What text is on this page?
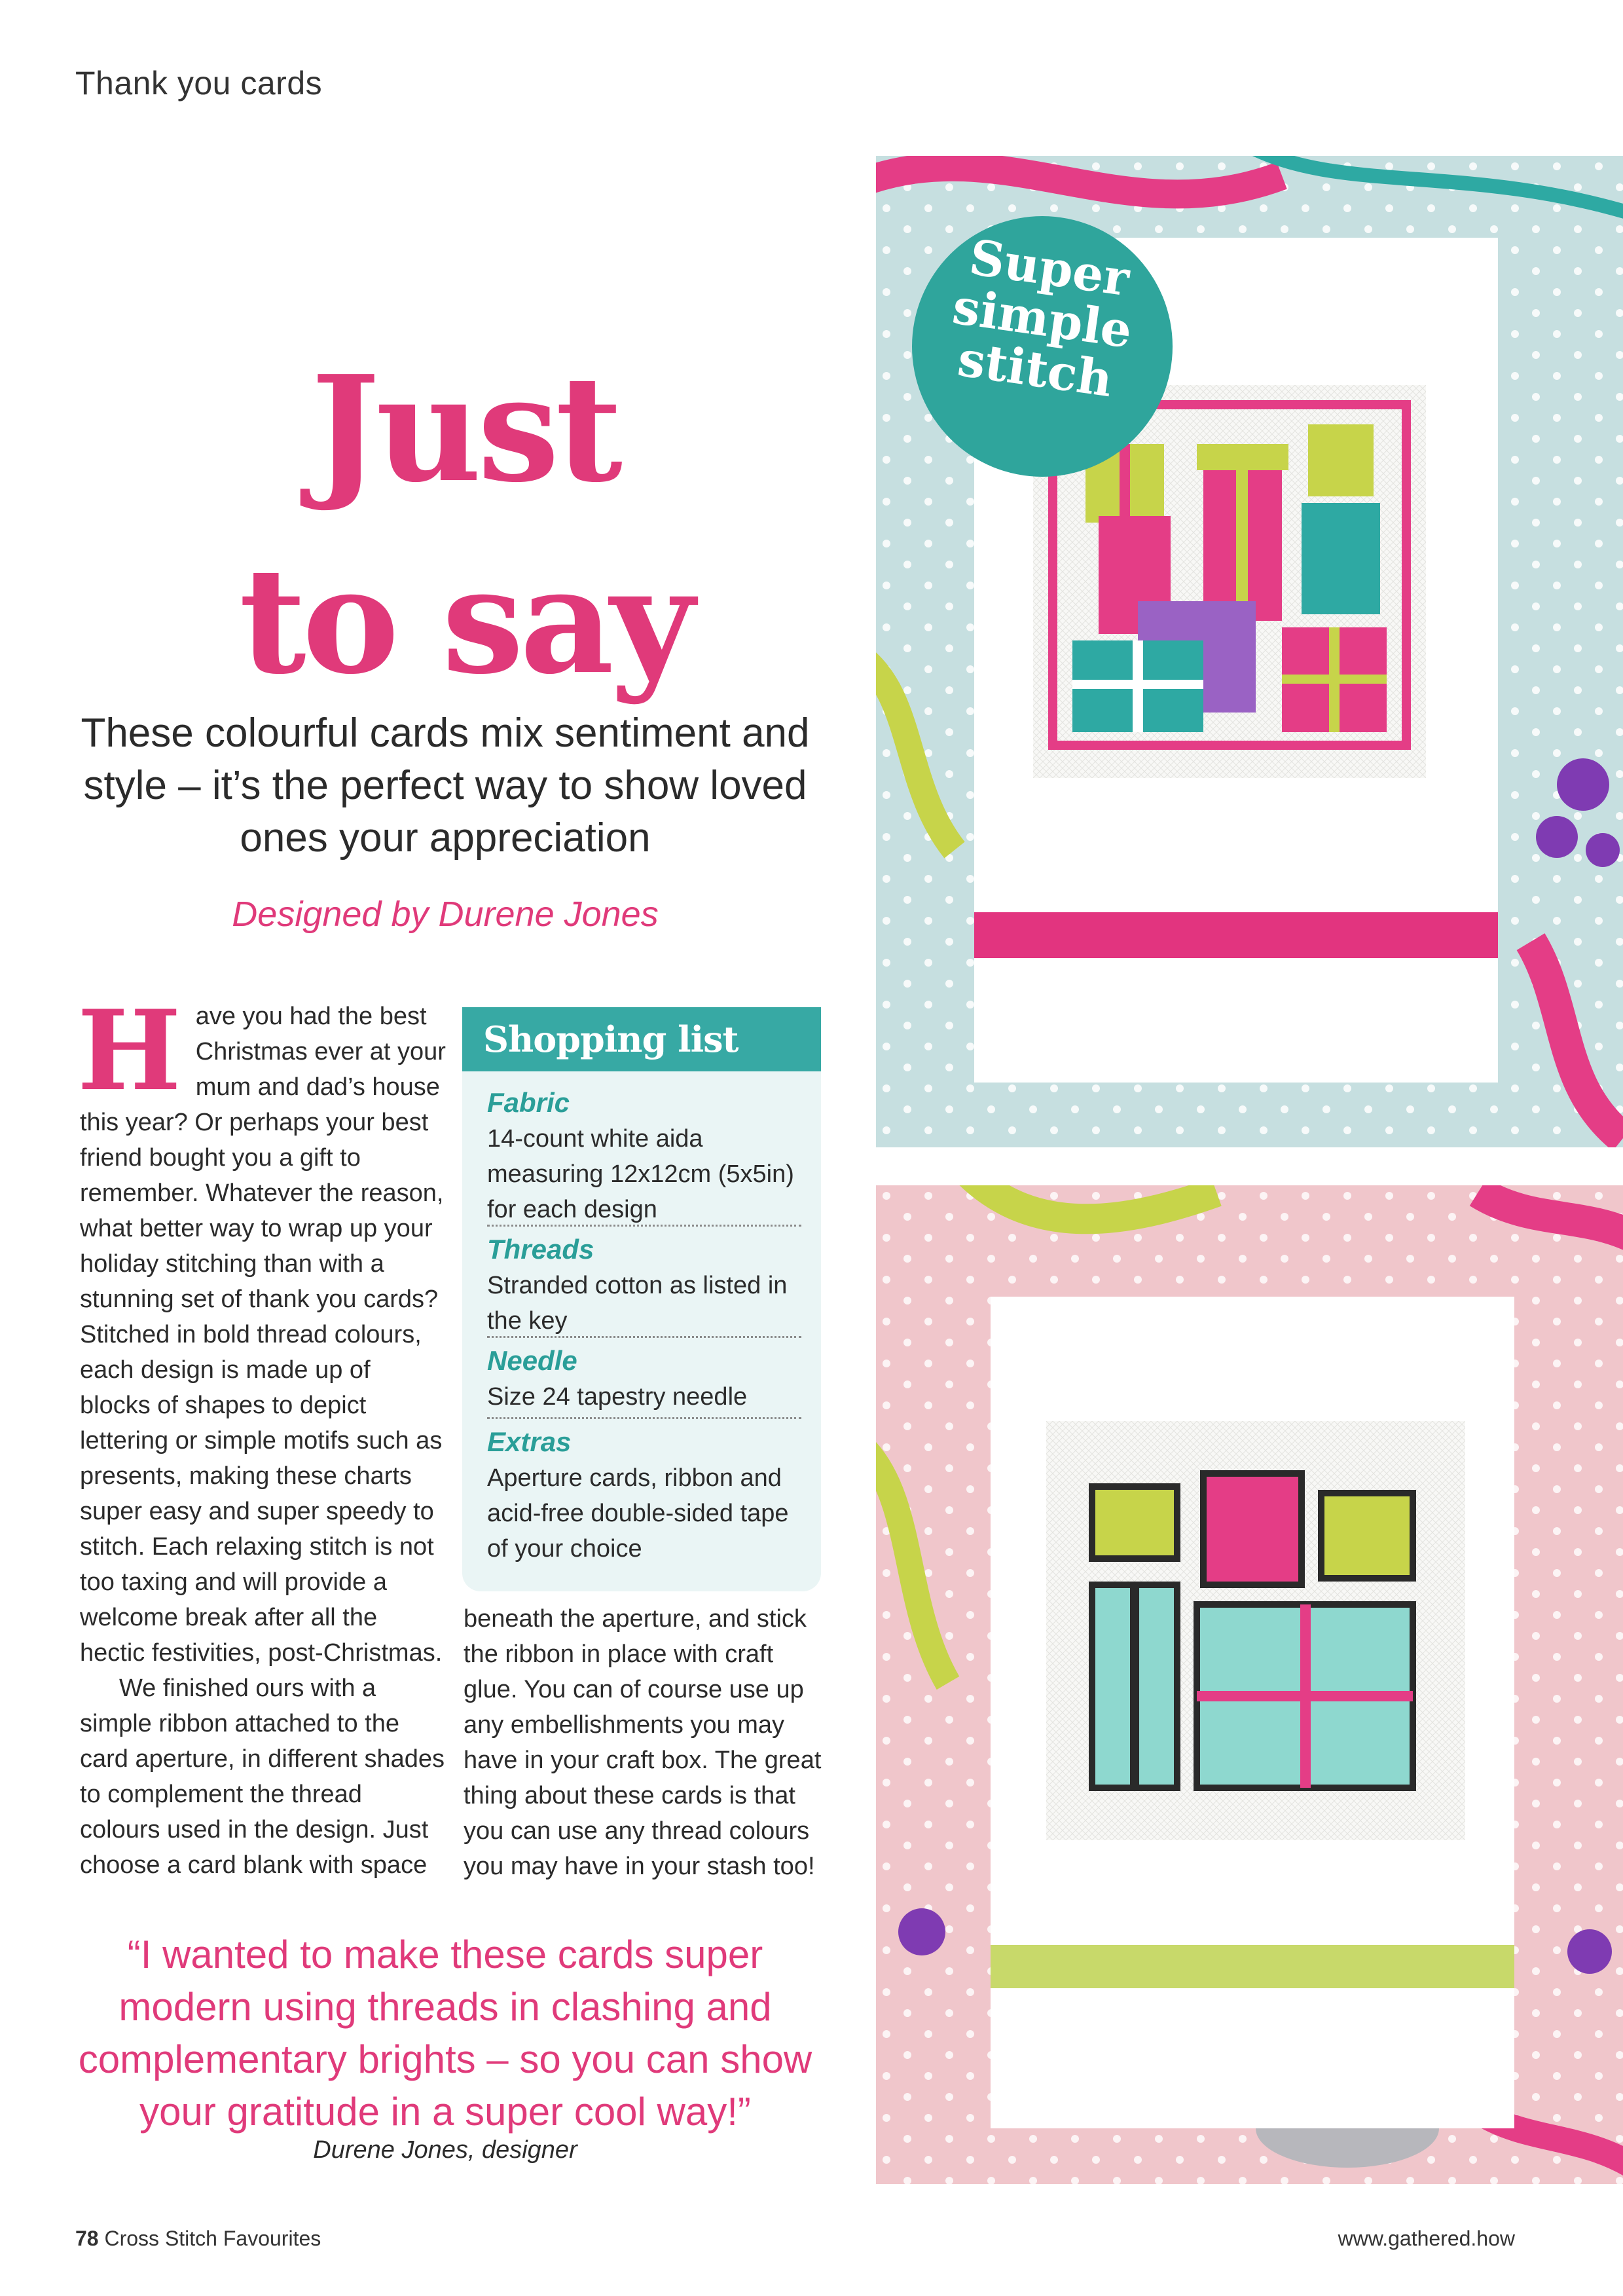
Thank you cards
Just
to say
These colourful cards mix sentiment and style – it’s the perfect way to show loved ones your appreciation
Designed by Durene Jones

Have you had the best Christmas ever at your mum and dad’s house this year? Or perhaps your best friend bought you a gift to remember. Whatever the reason, what better way to wrap up your holiday stitching than with a stunning set of thank you cards? Stitched in bold thread colours, each design is made up of blocks of shapes to depict lettering or simple motifs such as presents, making these charts super easy and super speedy to stitch. Each relaxing stitch is not too taxing and will provide a welcome break after all the hectic festivities, post-Christmas.

We finished ours with a simple ribbon attached to the card aperture, in different shades to complement the thread colours used in the design. Just choose a card blank with space

Shopping list
Fabric
14-count white aida measuring 12x12cm (5x5in) for each design
Threads
Stranded cotton as listed in the key
Needle
Size 24 tapestry needle
Extras
Aperture cards, ribbon and acid-free double-sided tape of your choice
beneath the aperture, and stick the ribbon in place with craft glue. You can of course use up any embellishments you may have in your craft box. The great thing about these cards is that you can use any thread colours you may have in your stash too!
“I wanted to make these cards super modern using threads in clashing and complementary brights – so you can show your gratitude in a super cool way!”
Durene Jones, designer
78 Cross Stitch Favourites	www.gathered.how
Super simple stitch
